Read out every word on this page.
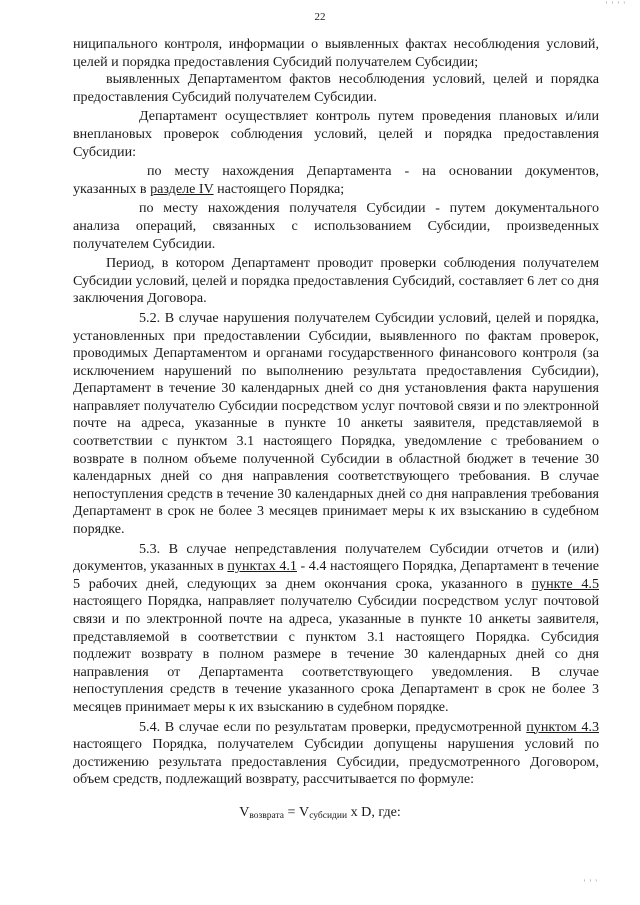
' ' ' '
22

ниципального контроля, информации о выявленных фактах несоблюдения условий, целей и порядка предоставления Субсидий получателем Субсидии;

выявленных Департаментом фактов несоблюдения условий, целей и порядка предоставления Субсидий получателем Субсидии.

Департамент осуществляет контроль путем проведения плановых и/или внеплановых проверок соблюдения условий, целей и порядка предоставления Субсидии:

по месту нахождения Департамента - на основании документов, указанных в разделе IV настоящего Порядка;

по месту нахождения получателя Субсидии - путем документального анализа операций, связанных с использованием Субсидии, произведенных получателем Субсидии.

Период, в котором Департамент проводит проверки соблюдения получателем Субсидии условий, целей и порядка предоставления Субсидий, составляет 6 лет со дня заключения Договора.

5.2. В случае нарушения получателем Субсидии условий, целей и порядка, установленных при предоставлении Субсидии, выявленного по фактам проверок, проводимых Департаментом и органами государственного финансового контроля (за исключением нарушений по выполнению результата предоставления Субсидии), Департамент в течение 30 календарных дней со дня установления факта нарушения направляет получателю Субсидии посредством услуг почтовой связи и по электронной почте на адреса, указанные в пункте 10 анкеты заявителя, представляемой в соответствии с пунктом 3.1 настоящего Порядка, уведомление с требованием о возврате в полном объеме полученной Субсидии в областной бюджет в течение 30 календарных дней со дня направления соответствующего требования. В случае непоступления средств в течение 30 календарных дней со дня направления требования Департамент в срок не более 3 месяцев принимает меры к их взысканию в судебном порядке.

5.3. В случае непредставления получателем Субсидии отчетов и (или) документов, указанных в пунктах 4.1 - 4.4 настоящего Порядка, Департамент в течение 5 рабочих дней, следующих за днем окончания срока, указанного в пункте 4.5 настоящего Порядка, направляет получателю Субсидии посредством услуг почтовой связи и по электронной почте на адреса, указанные в пункте 10 анкеты заявителя, представляемой в соответствии с пунктом 3.1 настоящего Порядка. Субсидия подлежит возврату в полном размере в течение 30 календарных дней со дня направления от Департамента соответствующего уведомления. В случае непоступления средств в течение указанного срока Департамент в срок не более 3 месяцев принимает меры к их взысканию в судебном порядке.

5.4. В случае если по результатам проверки, предусмотренной пунктом 4.3 настоящего Порядка, получателем Субсидии допущены нарушения условий по достижению результата предоставления Субсидии, предусмотренного Договором, объем средств, подлежащий возврату, рассчитывается по формуле:

$V_{возврата} = V_{субсидии}$ x D, где:
' ' '
